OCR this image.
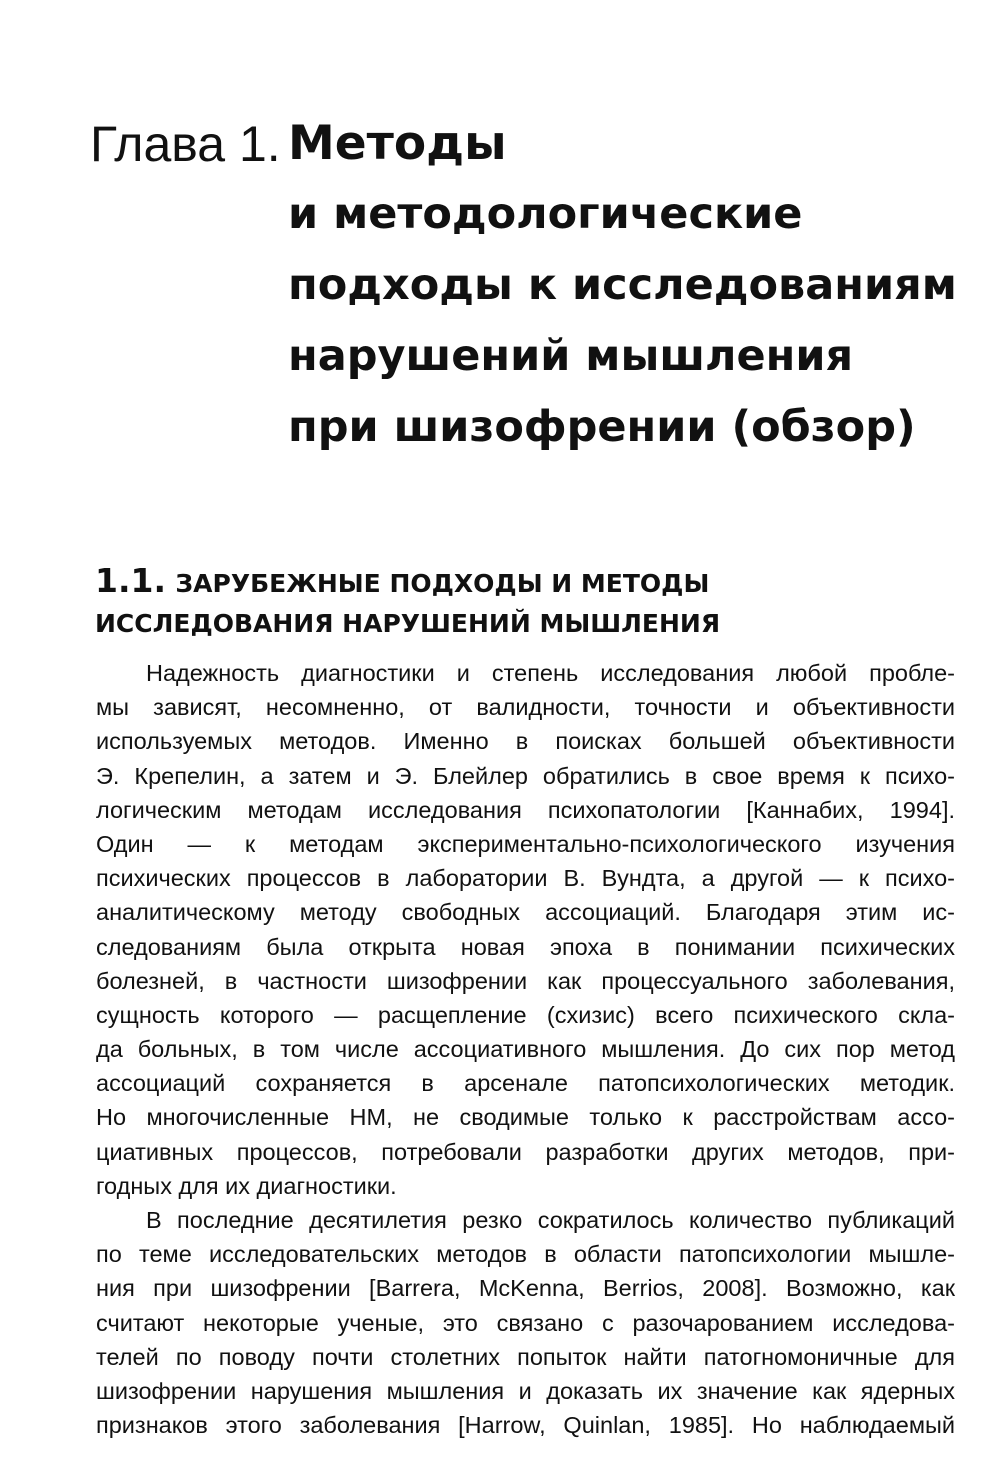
Глава 1. Методы
и методологические
подходы к исследованиям
нарушений мышления
при шизофрении (обзор)
1.1. ЗАРУБЕЖНЫЕ ПОДХОДЫ И МЕТОДЫ
ИССЛЕДОВАНИЯ НАРУШЕНИЙ МЫШЛЕНИЯ
Надежность диагностики и степень исследования любой пробле-
мы зависят, несомненно, от валидности, точности и объективности
используемых методов. Именно в поисках большей объективности
Э. Крепелин, а затем и Э. Блейлер обратились в свое время к психо-
логическим методам исследования психопатологии [Каннабих, 1994].
Один — к методам экспериментально-психологического изучения
психических процессов в лаборатории В. Вундта, а другой — к психо-
аналитическому методу свободных ассоциаций. Благодаря этим ис-
следованиям была открыта новая эпоха в понимании психических
болезней, в частности шизофрении как процессуального заболевания,
сущность которого — расщепление (схизис) всего психического скла-
да больных, в том числе ассоциативного мышления. До сих пор метод
ассоциаций сохраняется в арсенале патопсихологических методик.
Но многочисленные НМ, не сводимые только к расстройствам ассо-
циативных процессов, потребовали разработки других методов, при-
годных для их диагностики.
В последние десятилетия резко сократилось количество публикаций
по теме исследовательских методов в области патопсихологии мышле-
ния при шизофрении [Barrera, McKenna, Berrios, 2008]. Возможно, как
считают некоторые ученые, это связано с разочарованием исследова-
телей по поводу почти столетних попыток найти патогномоничные для
шизофрении нарушения мышления и доказать их значение как ядерных
признаков этого заболевания [Harrow, Quinlan, 1985]. Но наблюдаемый
